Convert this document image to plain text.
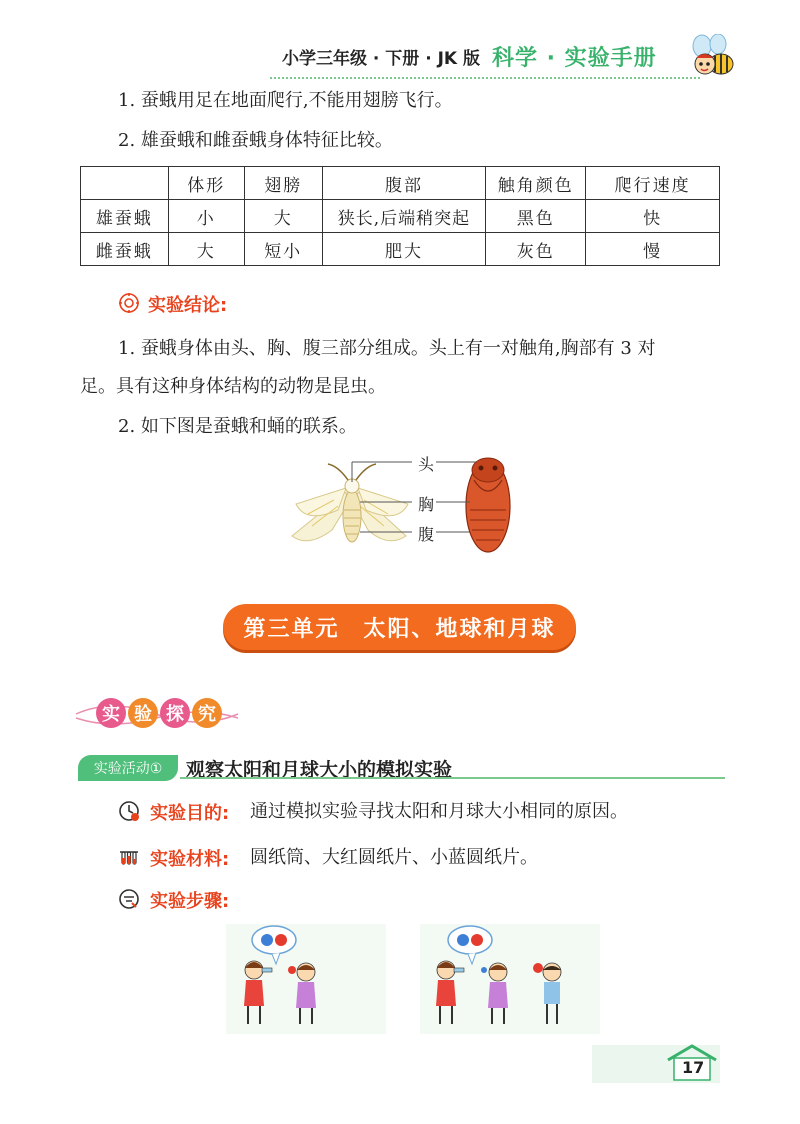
小学三年级 · 下册 · JK 版 科学 · 实验手册
1. 蚕蛾用足在地面爬行,不能用翅膀飞行。
2. 雄蚕蛾和雌蚕蛾身体特征比较。
	体形	翅膀	腹部	触角颜色	爬行速度
雄蚕蛾	小	大	狭长,后端稍突起	黑色	快
雌蚕蛾	大	短小	肥大	灰色	慢
实验结论:
1. 蚕蛾身体由头、胸、腹三部分组成。头上有一对触角,胸部有 3 对
足。具有这种身体结构的动物是昆虫。
2. 如下图是蚕蛾和蛹的联系。
头
胸
腹
第三单元　太阳、地球和月球
实 验 探 究
实验活动①	观察太阳和月球大小的模拟实验
实验目的: 通过模拟实验寻找太阳和月球大小相同的原因。
实验材料: 圆纸筒、大红圆纸片、小蓝圆纸片。
实验步骤:
17
